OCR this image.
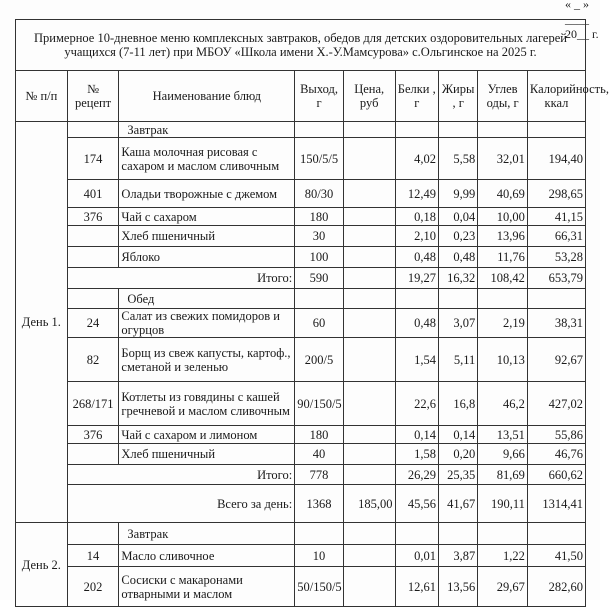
« _ » ____ 20__ г.
Примерное 10-дневное меню комплексных завтраков, обедов для детских оздоровительных лагерей учащихся (7-11 лет) при МБОУ «Школа имени Х.-У.Мамсурова» с.Ольгинское на 2025 г.								
№ п/п	№ рецепт	Наименование блюд	Выход, г	Цена, руб	Белки , г	Жиры , г	Углев оды, г	Калорийность, ккал
День 1.		Завтрак						
	174	Каша молочная рисовая с сахаром и маслом сливочным	150/5/5		4,02	5,58	32,01	194,40
	401	Оладьи творожные с джемом	80/30		12,49	9,99	40,69	298,65
	376	Чай с сахаром	180		0,18	0,04	10,00	41,15
		Хлеб пшеничный	30		2,10	0,23	13,96	66,31
		Яблоко	100		0,48	0,48	11,76	53,28
	Итого:		590		19,27	16,32	108,42	653,79
		Обед						
	24	Салат из свежих помидоров и огурцов	60		0,48	3,07	2,19	38,31
	82	Борщ из свеж капусты, картоф., сметаной и зеленью	200/5		1,54	5,11	10,13	92,67
	268/171	Котлеты из говядины с кашей гречневой и маслом сливочным	90/150/5		22,6	16,8	46,2	427,02
	376	Чай с сахаром и лимоном	180		0,14	0,14	13,51	55,86
		Хлеб пшеничный	40		1,58	0,20	9,66	46,76
	Итого:		778		26,29	25,35	81,69	660,62
	Всего за день:		1368	185,00	45,56	41,67	190,11	1314,41
День 2.		Завтрак						
	14	Масло сливочное	10		0,01	3,87	1,22	41,50
	202	Сосиски с макаронами отварными и маслом	50/150/5		12,61	13,56	29,67	282,60
